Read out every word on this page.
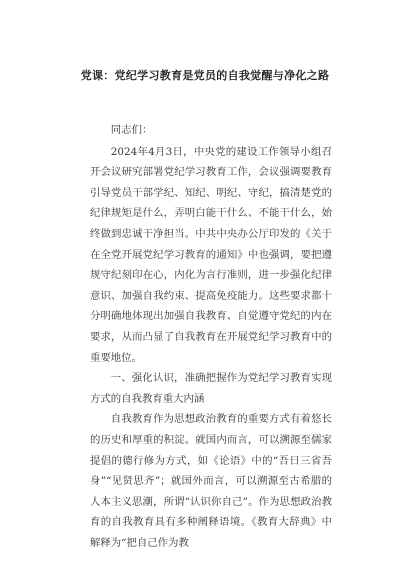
党课：党纪学习教育是党员的自我觉醒与净化之路

同志们：

2024年4月3日，中央党的建设工作领导小组召开会议研究部署党纪学习教育工作，会议强调要教育引导党员干部学纪、知纪、明纪、守纪，搞清楚党的纪律规矩是什么，弄明白能干什么、不能干什么，始终做到忠诚干净担当。中共中央办公厅印发的《关于在全党开展党纪学习教育的通知》中也强调，要把遵规守纪刻印在心，内化为言行准则，进一步强化纪律意识、加强自我约束、提高免疫能力。这些要求都十分明确地体现出加强自我教育、自觉遵守党纪的内在要求，从而凸显了自我教育在开展党纪学习教育中的重要地位。

一、强化认识，准确把握作为党纪学习教育实现方式的自我教育重大内涵

自我教育作为思想政治教育的重要方式有着悠长的历史和厚重的积淀。就国内而言，可以溯源至儒家提倡的德行修为方式，如《论语》中的“吾日三省吾身”“见贤思齐”；就国外而言，可以溯源至古希腊的人本主义思潮，所谓“认识你自己”。作为思想政治教育的自我教育具有多种阐释语境。《教育大辞典》中解释为“把自己作为教
